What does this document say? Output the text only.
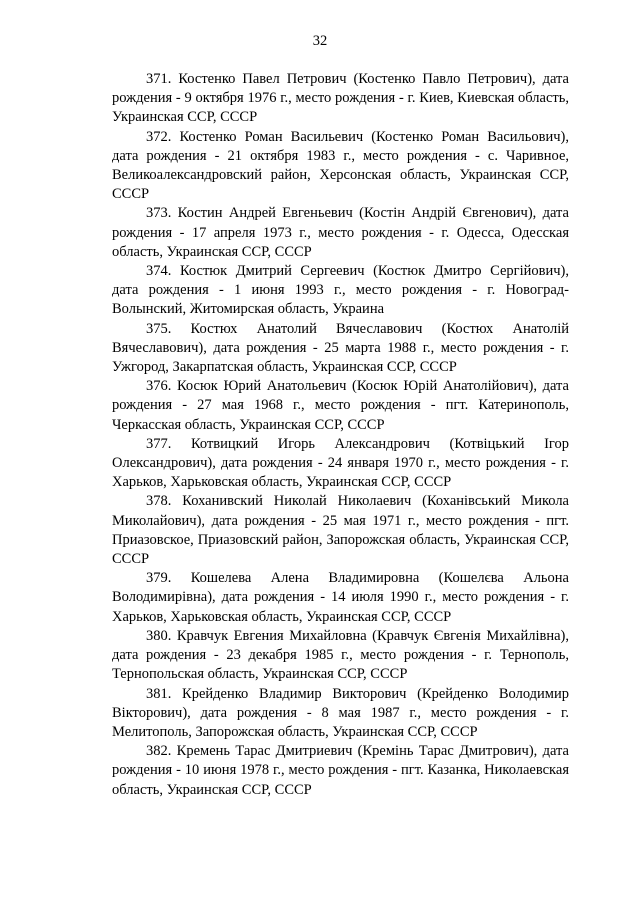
32

371. Костенко Павел Петрович (Костенко Павло Петрович), дата рождения - 9 октября 1976 г., место рождения - г. Киев, Киевская область, Украинская ССР, СССР

372. Костенко Роман Васильевич (Костенко Роман Васильович), дата рождения - 21 октября 1983 г., место рождения - с. Чаривное, Великоалександровский район, Херсонская область, Украинская ССР, СССР

373. Костин Андрей Евгеньевич (Костін Андрій Євгенович), дата рождения - 17 апреля 1973 г., место рождения - г. Одесса, Одесская область, Украинская ССР, СССР

374. Костюк Дмитрий Сергеевич (Костюк Дмитро Сергійович), дата рождения - 1 июня 1993 г., место рождения - г. Новоград-Волынский, Житомирская область, Украина

375. Костюх Анатолий Вячеславович (Костюх Анатолій Вячеславович), дата рождения - 25 марта 1988 г., место рождения - г. Ужгород, Закарпатская область, Украинская ССР, СССР

376. Косюк Юрий Анатольевич (Косюк Юрій Анатолійович), дата рождения - 27 мая 1968 г., место рождения - пгт. Катеринополь, Черкасская область, Украинская ССР, СССР

377. Котвицкий Игорь Александрович (Котвіцький Ігор Олександрович), дата рождения - 24 января 1970 г., место рождения - г. Харьков, Харьковская область, Украинская ССР, СССР

378. Коханивский Николай Николаевич (Коханівський Микола Миколайович), дата рождения - 25 мая 1971 г., место рождения - пгт. Приазовское, Приазовский район, Запорожская область, Украинская ССР, СССР

379. Кошелева Алена Владимировна (Кошелєва Альона Володимирівна), дата рождения - 14 июля 1990 г., место рождения - г. Харьков, Харьковская область, Украинская ССР, СССР

380. Кравчук Евгения Михайловна (Кравчук Євгенія Михайлівна), дата рождения - 23 декабря 1985 г., место рождения - г. Тернополь, Тернопольская область, Украинская ССР, СССР

381. Крейденко Владимир Викторович (Крейденко Володимир Вікторович), дата рождения - 8 мая 1987 г., место рождения - г. Мелитополь, Запорожская область, Украинская ССР, СССР

382. Кремень Тарас Дмитриевич (Кремінь Тарас Дмитрович), дата рождения - 10 июня 1978 г., место рождения - пгт. Казанка, Николаевская область, Украинская ССР, СССР
